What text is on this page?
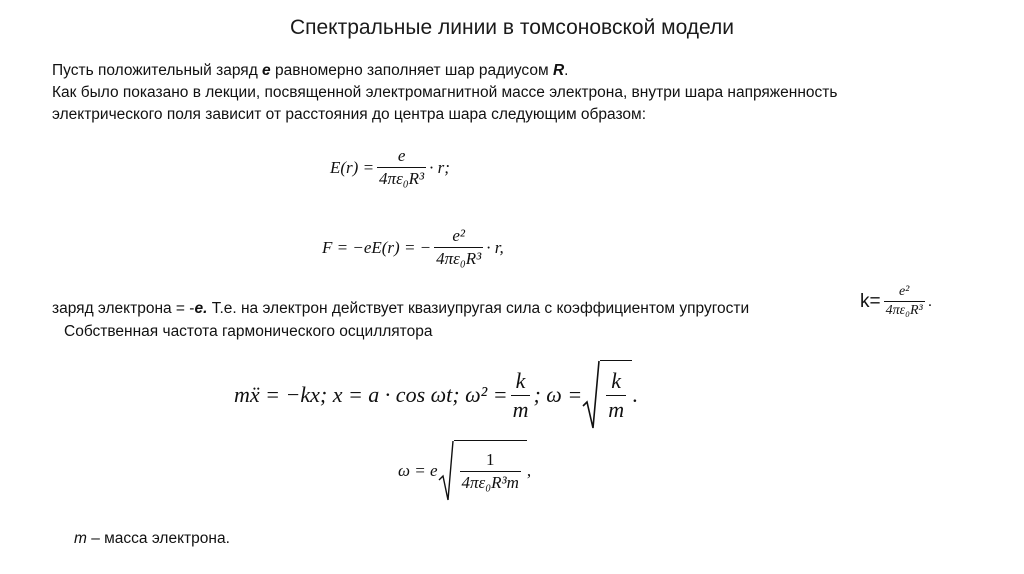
Спектральные линии в томсоновской модели
Пусть положительный заряд e равномерно заполняет шар радиусом R.
Как было показано в лекции, посвященной электромагнитной массе электрона, внутри шара напряженность
электрического поля зависит от расстояния до центра шара следующим образом:
$E(r) = \frac{e}{\text{4πε₀R³}} \cdot r$;
F = −eE(r) = − $\frac{\text{e²}}{\text{4πε₀R³}} \cdot r$,
заряд электрона = -e. Т.е. на электрон действует квазиупругая сила с коэффициентом упругости	$k= \frac{\text{e²}}{\text{4πε₀R³}}$ .
Собственная частота гармонического осциллятора
mẍ = −kx; x = a · cos ωt; $\omega^2 = \frac{k}{m}$ ; $\omega = \frac{k}{m}$ .
ω = e $\frac{1}{\text{4πε₀R³m}}$ ,
m – масса электрона.
